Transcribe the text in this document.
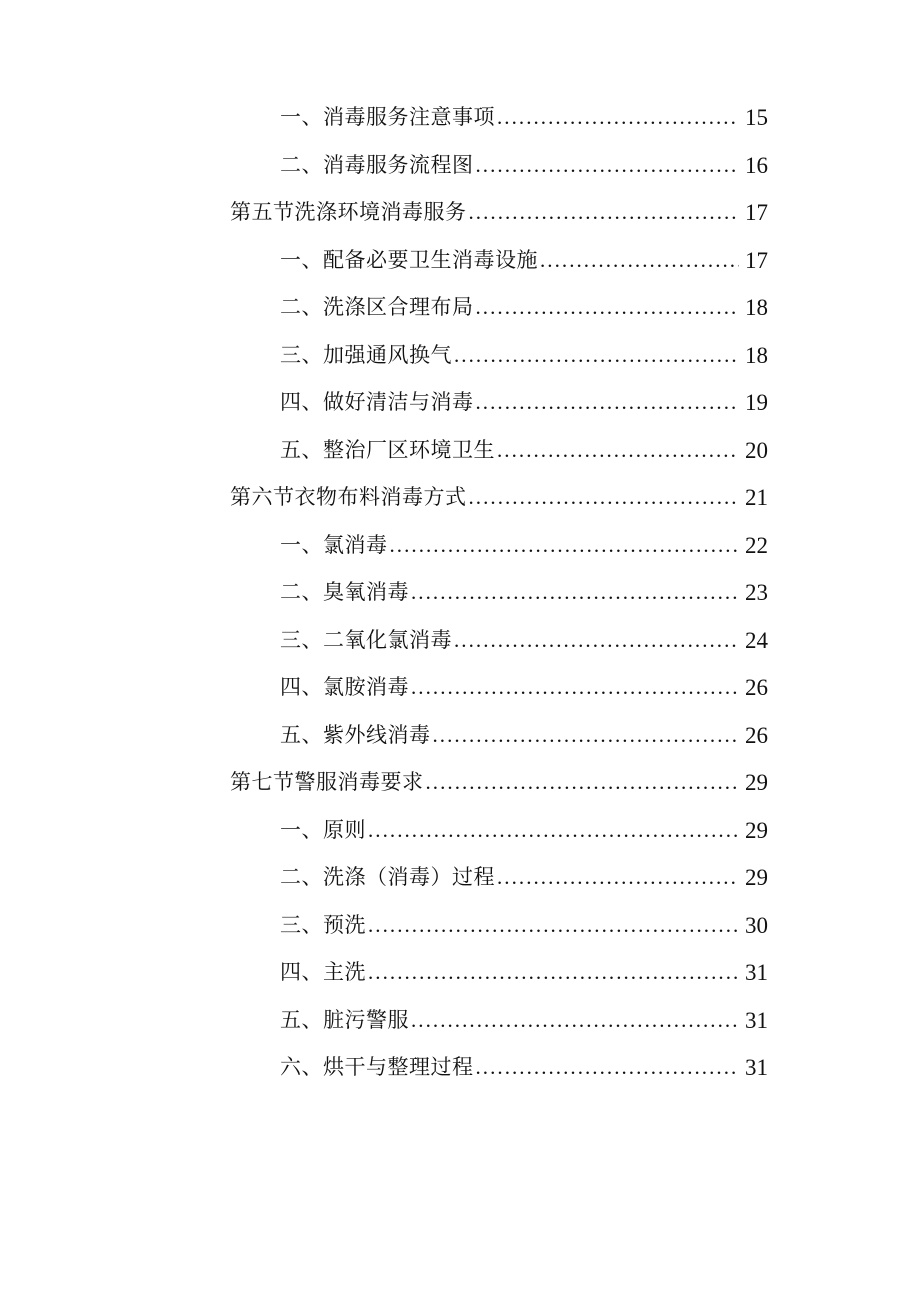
一、消毒服务注意事项 . . .	15
二、消毒服务流程图 . . .	16
第五节洗涤环境消毒服务 . . .	17
一、配备必要卫生消毒设施 . . .	17
二、洗涤区合理布局 . . .	18
三、加强通风换气 . . .	18
四、做好清洁与消毒 . . .	19
五、整治厂区环境卫生 . . .	20
第六节衣物布料消毒方式 . . .	21
一、氯消毒 . . .	22
二、臭氧消毒 . . .	23
三、二氧化氯消毒 . . .	24
四、氯胺消毒 . . .	26
五、紫外线消毒 . . .	26
第七节警服消毒要求 . . .	29
一、原则 . . .	29
二、洗涤（消毒）过程 . . .	29
三、预洗 . . .	30
四、主洗 . . .	31
五、脏污警服 . . .	31
六、烘干与整理过程 . . .	31
